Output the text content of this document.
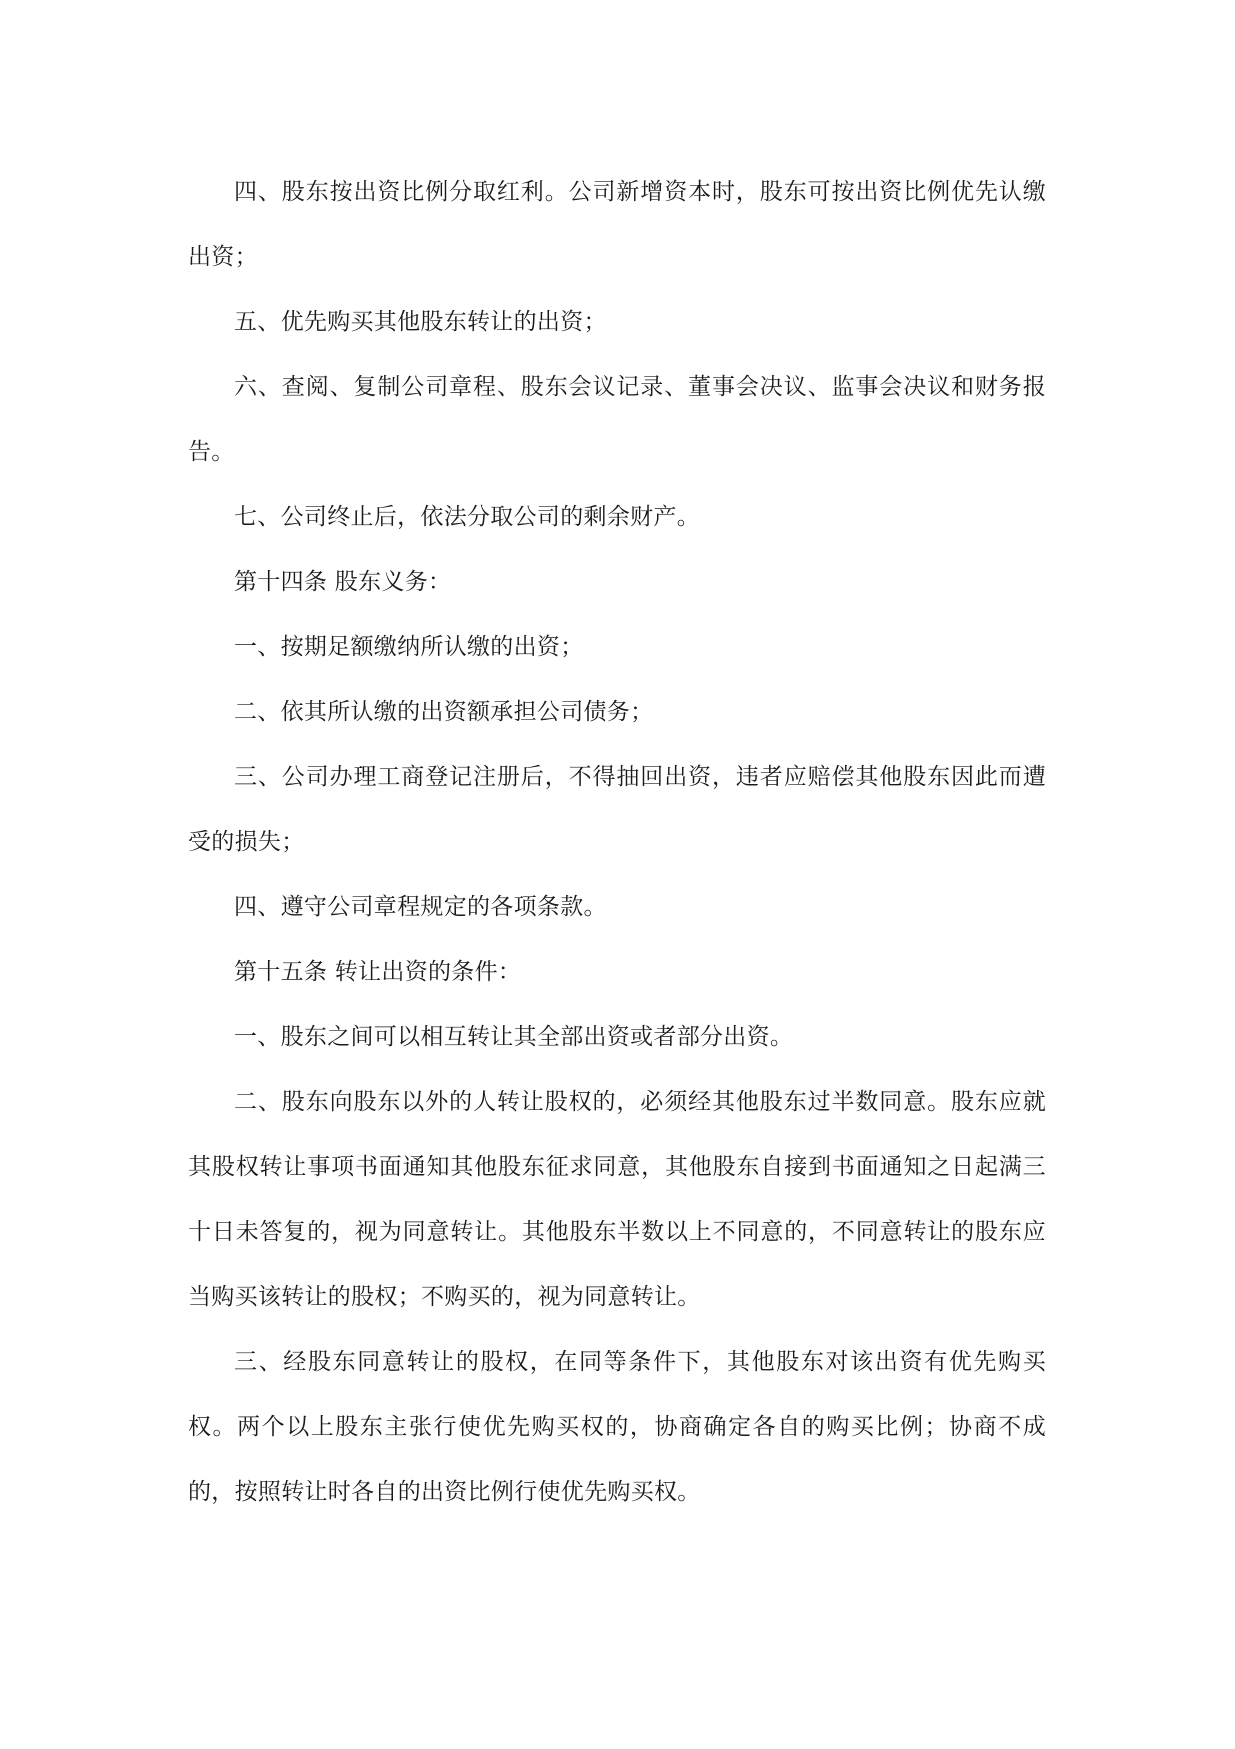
四、股东按出资比例分取红利。公司新增资本时，股东可按出资比例优先认缴出资；

五、优先购买其他股东转让的出资；

六、查阅、复制公司章程、股东会议记录、董事会决议、监事会决议和财务报告。

七、公司终止后，依法分取公司的剩余财产。

第十四条 股东义务：

一、按期足额缴纳所认缴的出资；

二、依其所认缴的出资额承担公司债务；

三、公司办理工商登记注册后，不得抽回出资，违者应赔偿其他股东因此而遭受的损失；

四、遵守公司章程规定的各项条款。

第十五条 转让出资的条件：

一、股东之间可以相互转让其全部出资或者部分出资。

二、股东向股东以外的人转让股权的，必须经其他股东过半数同意。股东应就其股权转让事项书面通知其他股东征求同意，其他股东自接到书面通知之日起满三十日未答复的，视为同意转让。其他股东半数以上不同意的，不同意转让的股东应当购买该转让的股权；不购买的，视为同意转让。

三、经股东同意转让的股权，在同等条件下，其他股东对该出资有优先购买权。两个以上股东主张行使优先购买权的，协商确定各自的购买比例；协商不成的，按照转让时各自的出资比例行使优先购买权。
